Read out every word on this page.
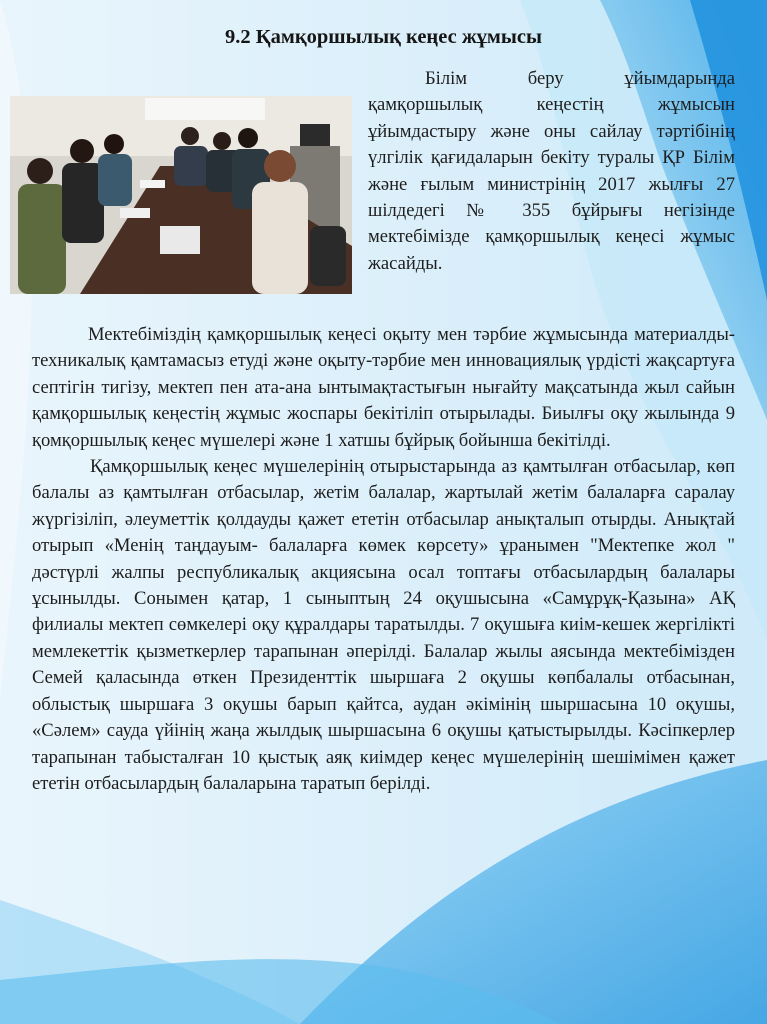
9.2 Қамқоршылық кеңес жұмысы

Білім беру ұйымдарында қамқоршылық кеңестің жұмысын ұйымдастыру және оны сайлау тәртібінің үлгілік қағидаларын бекіту туралы ҚР Білім және ғылым министрінің 2017 жылғы 27 шілдедегі № 355 бұйрығы негізінде мектебімізде қамқоршылық кеңесі жұмыс жасайды.

Мектебіміздің қамқоршылық кеңесі оқыту мен тәрбие жұмысында материалды-техникалық қамтамасыз етуді және оқыту-тәрбие мен инновациялық үрдісті жақсартуға септігін тигізу, мектеп пен ата-ана ынтымақтастығын нығайту мақсатында жыл сайын қамқоршылық кеңестің жұмыс жоспары бекітіліп отырылады. Биылғы оқу жылында 9 қомқоршылық кеңес мүшелері және 1 хатшы бұйрық бойынша бекітілді.

Қамқоршылық кеңес мүшелерінің отырыстарында аз қамтылған отбасылар, көп балалы аз қамтылған отбасылар, жетім балалар, жартылай жетім балаларға саралау жүргізіліп, әлеуметтік қолдауды қажет ететін отбасылар анықталып отырды. Анықтай отырып «Менің таңдауым- балаларға көмек көрсету» ұранымен "Мектепке жол " дәстүрлі жалпы республикалық акциясына осал топтағы отбасылардың балалары ұсынылды. Сонымен қатар, 1 сыныптың 24 оқушысына «Самұрұқ-Қазына» АҚ филиалы мектеп сөмкелері оқу құралдары таратылды. 7 оқушыға киім-кешек жергілікті мемлекеттік қызметкерлер тарапынан әперілді. Балалар жылы аясында мектебімізден Семей қаласында өткен Президенттік шыршаға 2 оқушы көпбалалы отбасынан, облыстық шыршаға 3 оқушы барып қайтса, аудан әкімінің шыршасына 10 оқушы, «Сәлем» сауда үйінің жаңа жылдық шыршасына 6 оқушы қатыстырылды. Кәсіпкерлер тарапынан табысталған 10 қыстық аяқ киімдер кеңес мүшелерінің шешімімен қажет ететін отбасылардың балаларына таратып берілді.
